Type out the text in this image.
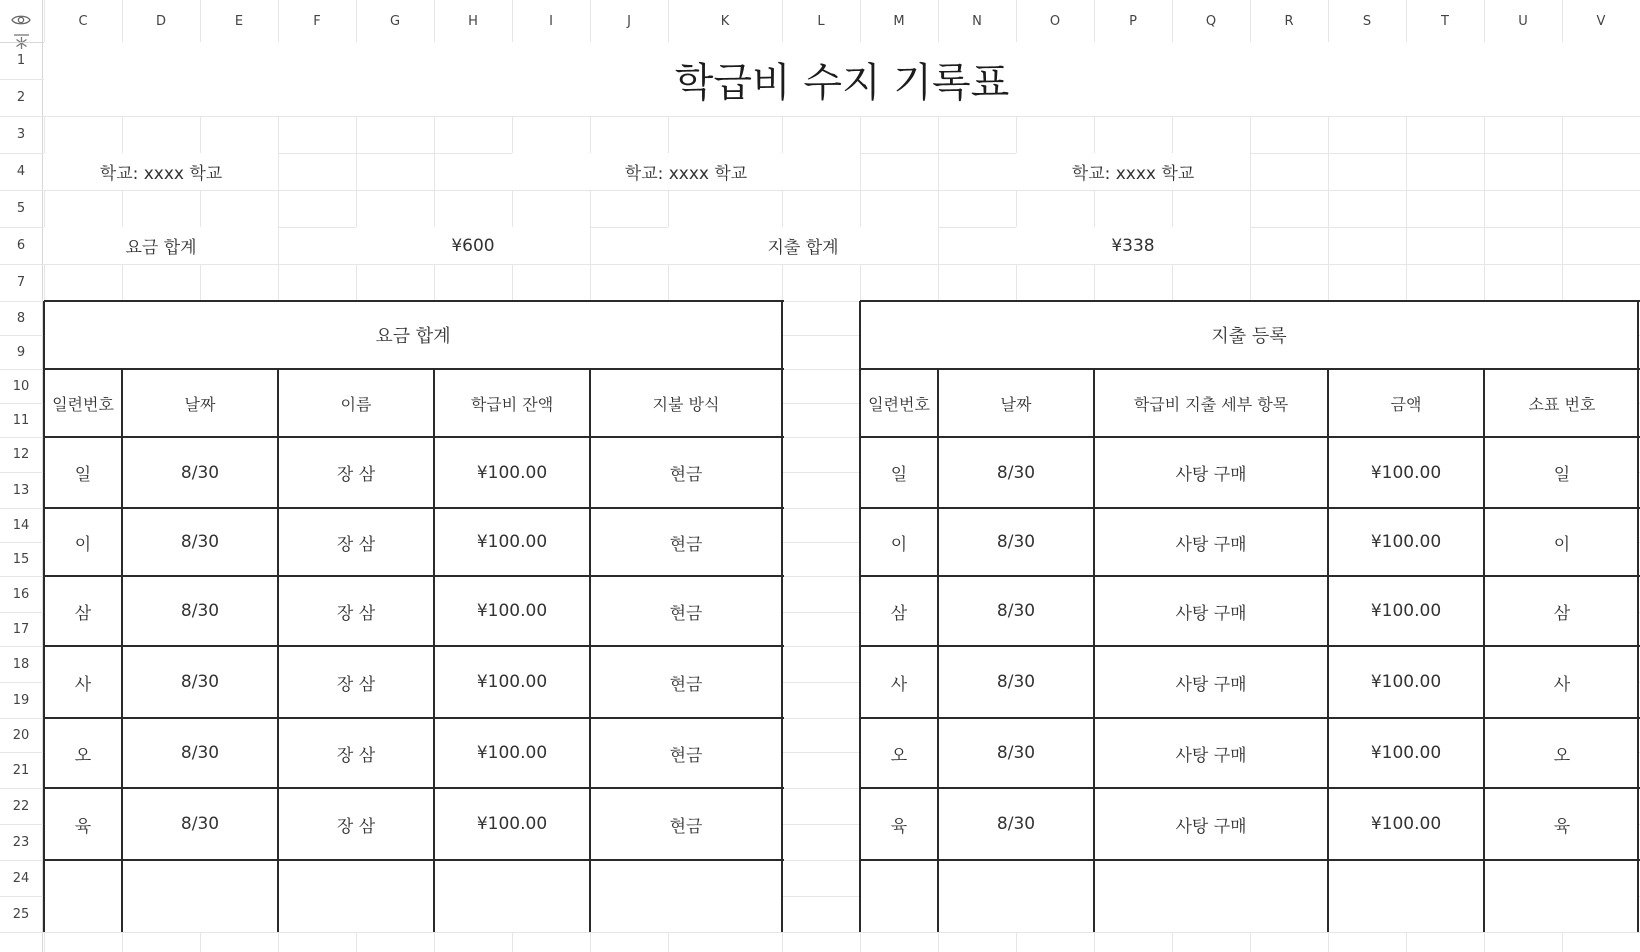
C	D	E	F	G	H	I	J	K	L	M	N	O	P	Q	R	S	T	U	V
1
2
3
4
5
6
7
8
9
10
11
12
13
14
15
16
17
18
19
20
21
22
23
24
25
학급비 수지 기록표
학교: xxxx 학교	학교: xxxx 학교	학교: xxxx 학교
요금 합계	¥600	지출 합계	¥338
요금 합계
일련번호	날짜	이름	학급비 잔액	지불 방식
일	8/30	장 삼	¥100.00	현금
이	8/30	장 삼	¥100.00	현금
삼	8/30	장 삼	¥100.00	현금
사	8/30	장 삼	¥100.00	현금
오	8/30	장 삼	¥100.00	현금
육	8/30	장 삼	¥100.00	현금
지출 등록
일련번호	날짜	학급비 지출 세부 항목	금액	소표 번호
일	8/30	사탕 구매	¥100.00	일
이	8/30	사탕 구매	¥100.00	이
삼	8/30	사탕 구매	¥100.00	삼
사	8/30	사탕 구매	¥100.00	사
오	8/30	사탕 구매	¥100.00	오
육	8/30	사탕 구매	¥100.00	육
